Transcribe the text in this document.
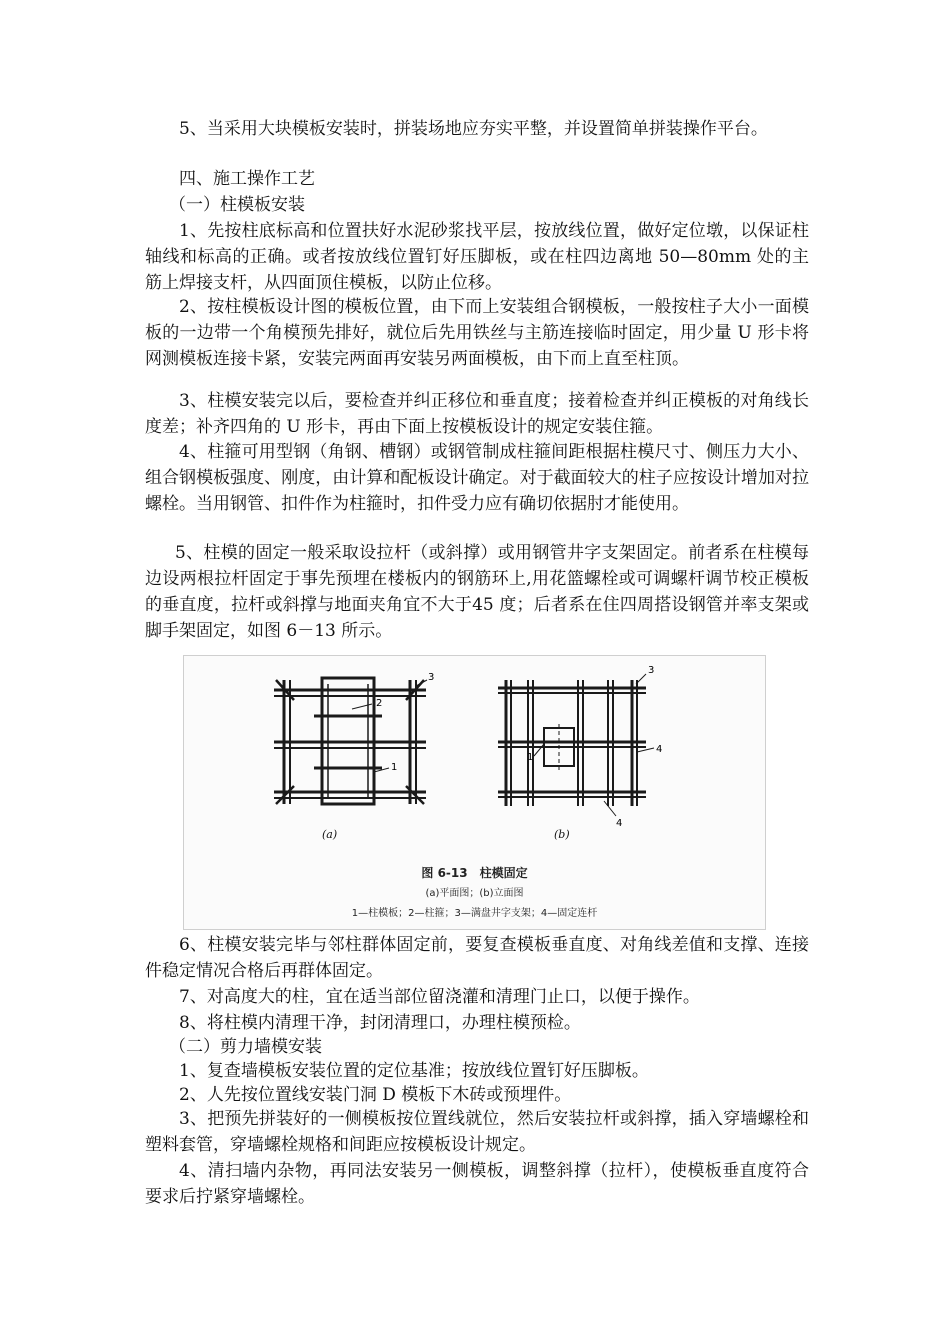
5、当采用大块模板安装时，拼装场地应夯实平整，并设置简单拼装操作平台。

四、施工操作工艺

（一）柱模板安装

1、先按柱底标高和位置扶好水泥砂浆找平层，按放线位置，做好定位墩，以保证柱轴线和标高的正确。或者按放线位置钉好压脚板，或在柱四边离地 50—80mm 处的主筋上焊接支杆，从四面顶住模板，以防止位移。

2、按柱模板设计图的模板位置，由下而上安装组合钢模板，一般按柱子大小一面模板的一边带一个角模预先排好，就位后先用铁丝与主筋连接临时固定，用少量 U 形卡将网测模板连接卡紧，安装完两面再安装另两面模板，由下而上直至柱顶。

3、柱模安装完以后，要检查并纠正移位和垂直度；接着检查并纠正模板的对角线长度差；补齐四角的 U 形卡，再由下面上按模板设计的规定安装住箍。

4、柱箍可用型钢（角钢、槽钢）或钢管制成柱箍间距根据柱模尺寸、侧压力大小、组合钢模板强度、刚度，由计算和配板设计确定。对于截面较大的柱子应按设计增加对拉螺栓。当用钢管、扣件作为柱箍时，扣件受力应有确切依据肘才能使用。

5、柱模的固定一般采取设拉杆（或斜撑）或用钢管井字支架固定。前者系在柱模每边设两根拉杆固定于事先预埋在楼板内的钢筋环上,用花篮螺栓或可调螺杆调节校正模板的垂直度，拉杆或斜撑与地面夹角宜不大于45 度；后者系在住四周搭设钢管并率支架或脚手架固定，如图 6－13 所示。

2
1
3
3
4
4
1
(a)	(b)
图 6-13　柱模固定
(a)平面图；(b)立面图
1—柱模板；2—柱箍；3—满盘井字支架；4—固定连杆

6、柱模安装完毕与邻柱群体固定前，要复查模板垂直度、对角线差值和支撑、连接件稳定情况合格后再群体固定。

7、对高度大的柱，宜在适当部位留浇灌和清理门止口，以便于操作。

8、将柱模内清理干净，封闭清理口，办理柱模预检。

（二）剪力墙模安装

1、复查墙模板安装位置的定位基准；按放线位置钉好压脚板。

2、人先按位置线安装门洞 D 模板下木砖或预埋件。

3、把预先拼装好的一侧模板按位置线就位，然后安装拉杆或斜撑，插入穿墙螺栓和塑料套管，穿墙螺栓规格和间距应按模板设计规定。

4、清扫墙内杂物，再同法安装另一侧模板，调整斜撑（拉杆），使模板垂直度符合要求后拧紧穿墙螺栓。
